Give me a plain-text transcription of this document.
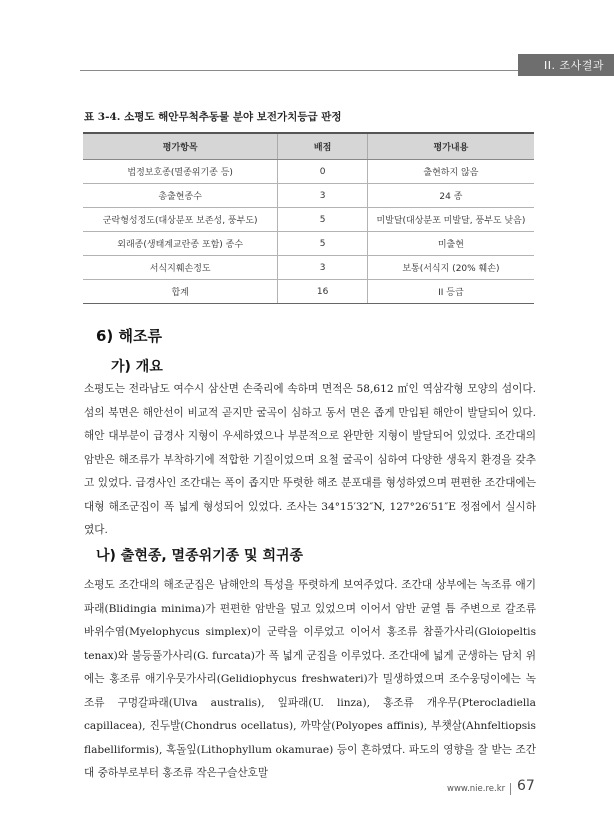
II. 조사결과
표 3-4. 소평도 해안무척추동물 분야 보전가치등급 판정
평가항목	배점	평가내용
법정보호종(멸종위기종 등)	0	출현하지 않음
총출현종수	3	24 종
군락형성정도(대상분포 보존성, 풍부도)	5	미발달(대상분포 미발달, 풍부도 낮음)
외래종(생태계교란종 포함) 종수	5	미출현
서식지훼손정도	3	보통(서식지 (20% 훼손)
합계	16	II 등급
6) 해조류
가) 개요

소평도는 전라남도 여수시 삼산면 손죽리에 속하며 면적은 58,612 ㎡인 역삼각형 모양의 섬이다. 섬의 북면은 해안선이 비교적 곧지만 굴곡이 심하고 동서 면은 좁게 만입된 해안이 발달되어 있다. 해안 대부분이 급경사 지형이 우세하였으나 부분적으로 완만한 지형이 발달되어 있었다. 조간대의 암반은 해조류가 부착하기에 적합한 기질이었으며 요철 굴곡이 심하여 다양한 생육지 환경을 갖추고 있었다. 급경사인 조간대는 폭이 좁지만 뚜렷한 해조 분포대를 형성하였으며 편편한 조간대에는 대형 해조군집이 폭 넓게 형성되어 있었다. 조사는 34°15′32″N, 127°26′51″E 정점에서 실시하였다.

나) 출현종, 멸종위기종 및 희귀종

소평도 조간대의 해조군집은 남해안의 특성을 뚜렷하게 보여주었다. 조간대 상부에는 녹조류 애기파래(Blidingia minima)가 편편한 암반을 덮고 있었으며 이어서 암반 균열 틈 주변으로 갈조류 바위수염(Myelophycus simplex)이 군락을 이루었고 이어서 홍조류 참풀가사리(Gloiopeltis tenax)와 불등풀가사리(G. furcata)가 폭 넓게 군집을 이루었다. 조간대에 넓게 군생하는 담치 위에는 홍조류 애기우뭇가사리(Gelidiophycus freshwateri)가 밀생하였으며 조수웅덩이에는 녹조류 구멍갈파래(Ulva australis), 잎파래(U. linza), 홍조류 개우무(Pterocladiella capillacea), 진두발(Chondrus ocellatus), 까막살(Polyopes affinis), 부챗살(Ahnfeltiopsis flabelliformis), 혹돌잎(Lithophyllum okamurae) 등이 흔하였다. 파도의 영향을 잘 받는 조간대 중하부로부터 홍조류 작은구슬산호말

www.nie.re.kr 67
